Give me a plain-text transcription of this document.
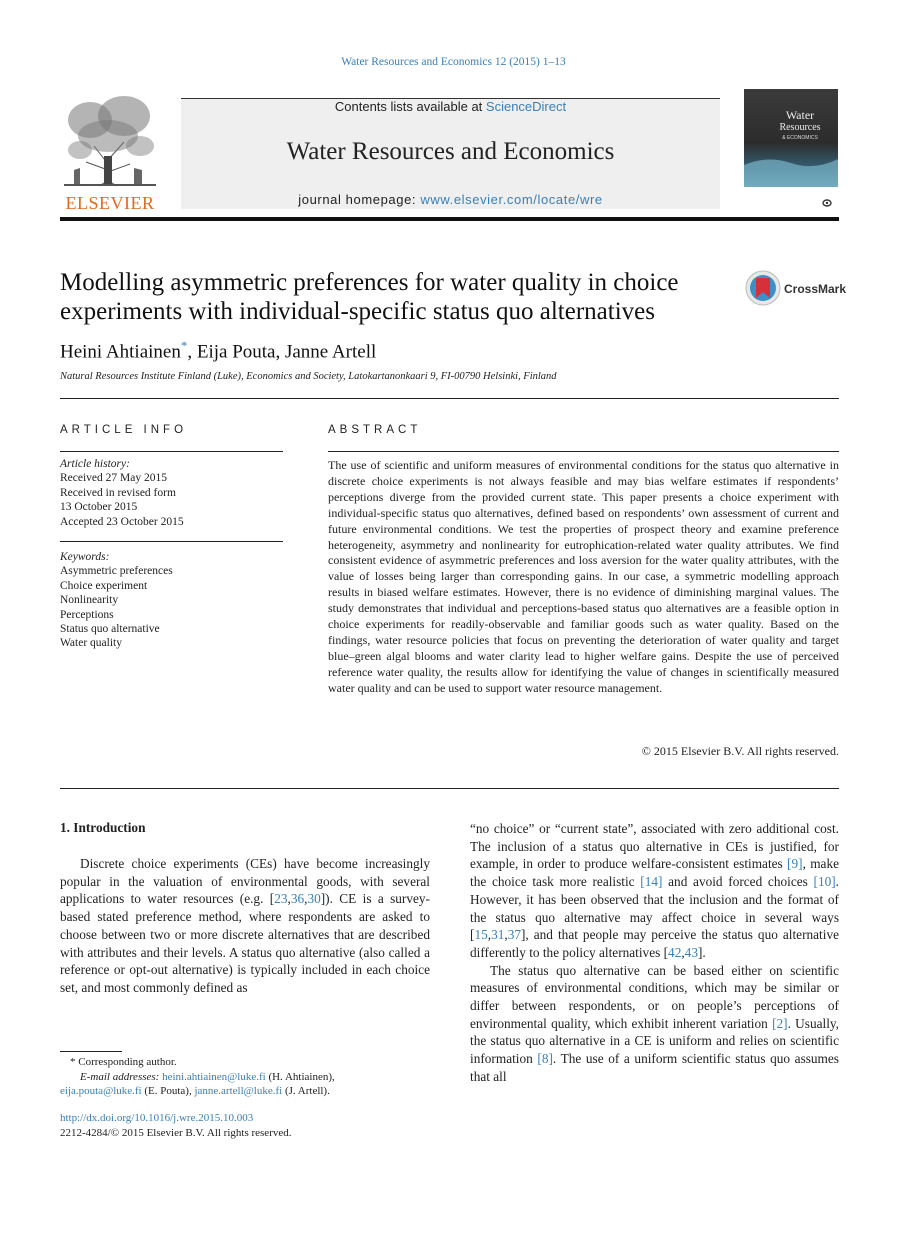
Water Resources and Economics 12 (2015) 1–13
ELSEVIER
Contents lists available at ScienceDirect
Water Resources and Economics
journal homepage: www.elsevier.com/locate/wre
Water
Resources
& ECONOMICS
Modelling asymmetric preferences for water quality in choice experiments with individual-specific status quo alternatives
CrossMark
Heini Ahtiainen*, Eija Pouta, Janne Artell
Natural Resources Institute Finland (Luke), Economics and Society, Latokartanonkaari 9, FI-00790 Helsinki, Finland
ARTICLE INFO
Article history:
Received 27 May 2015
Received in revised form
13 October 2015
Accepted 23 October 2015
Keywords:
Asymmetric preferences
Choice experiment
Nonlinearity
Perceptions
Status quo alternative
Water quality
ABSTRACT
The use of scientific and uniform measures of environmental conditions for the status quo alternative in discrete choice experiments is not always feasible and may bias welfare estimates if respondents’ perceptions diverge from the provided current state. This paper presents a choice experiment with individual-specific status quo alternatives, defined based on respondents’ own assessment of current and future environmental conditions. We test the properties of prospect theory and examine preference heterogeneity, asymmetry and nonlinearity for eutrophication-related water quality attributes. We find consistent evidence of asymmetric preferences and loss aversion for the water quality attributes, with the value of losses being larger than corresponding gains. In our case, a symmetric modelling approach results in biased welfare estimates. However, there is no evidence of diminishing marginal values. The study demonstrates that individual and perceptions-based status quo alternatives are a feasible option in choice experiments for readily-observable and familiar goods such as water quality. Based on the findings, water resource policies that focus on preventing the deterioration of water quality and target blue–green algal blooms and water clarity lead to higher welfare gains. Despite the use of perceived reference water quality, the results allow for identifying the value of changes in scientifically measured water quality and can be used to support water resource management.
© 2015 Elsevier B.V. All rights reserved.
1. Introduction

Discrete choice experiments (CEs) have become increasingly popular in the valuation of environmental goods, with several applications to water resources (e.g. [23,36,30]). CE is a survey-based stated preference method, where respondents are asked to choose between two or more discrete alternatives that are described with attributes and their levels. A status quo alternative (also called a reference or opt-out alternative) is typically included in each choice set, and most commonly defined as

“no choice” or “current state”, associated with zero additional cost. The inclusion of a status quo alternative in CEs is justified, for example, in order to produce welfare-consistent estimates [9], make the choice task more realistic [14] and avoid forced choices [10]. However, it has been observed that the inclusion and the format of the status quo alternative may affect choice in several ways [15,31,37], and that people may perceive the status quo alternative differently to the policy alternatives [42,43].

The status quo alternative can be based either on scientific measures of environmental conditions, which may be similar or differ between respondents, or on people’s perceptions of environmental quality, which exhibit inherent variation [2]. Usually, the status quo alternative in a CE is uniform and relies on scientific information [8]. The use of a uniform scientific status quo assumes that all

* Corresponding author.
E-mail addresses: heini.ahtiainen@luke.fi (H. Ahtiainen),
eija.pouta@luke.fi (E. Pouta), janne.artell@luke.fi (J. Artell).
http://dx.doi.org/10.1016/j.wre.2015.10.003
2212-4284/© 2015 Elsevier B.V. All rights reserved.
